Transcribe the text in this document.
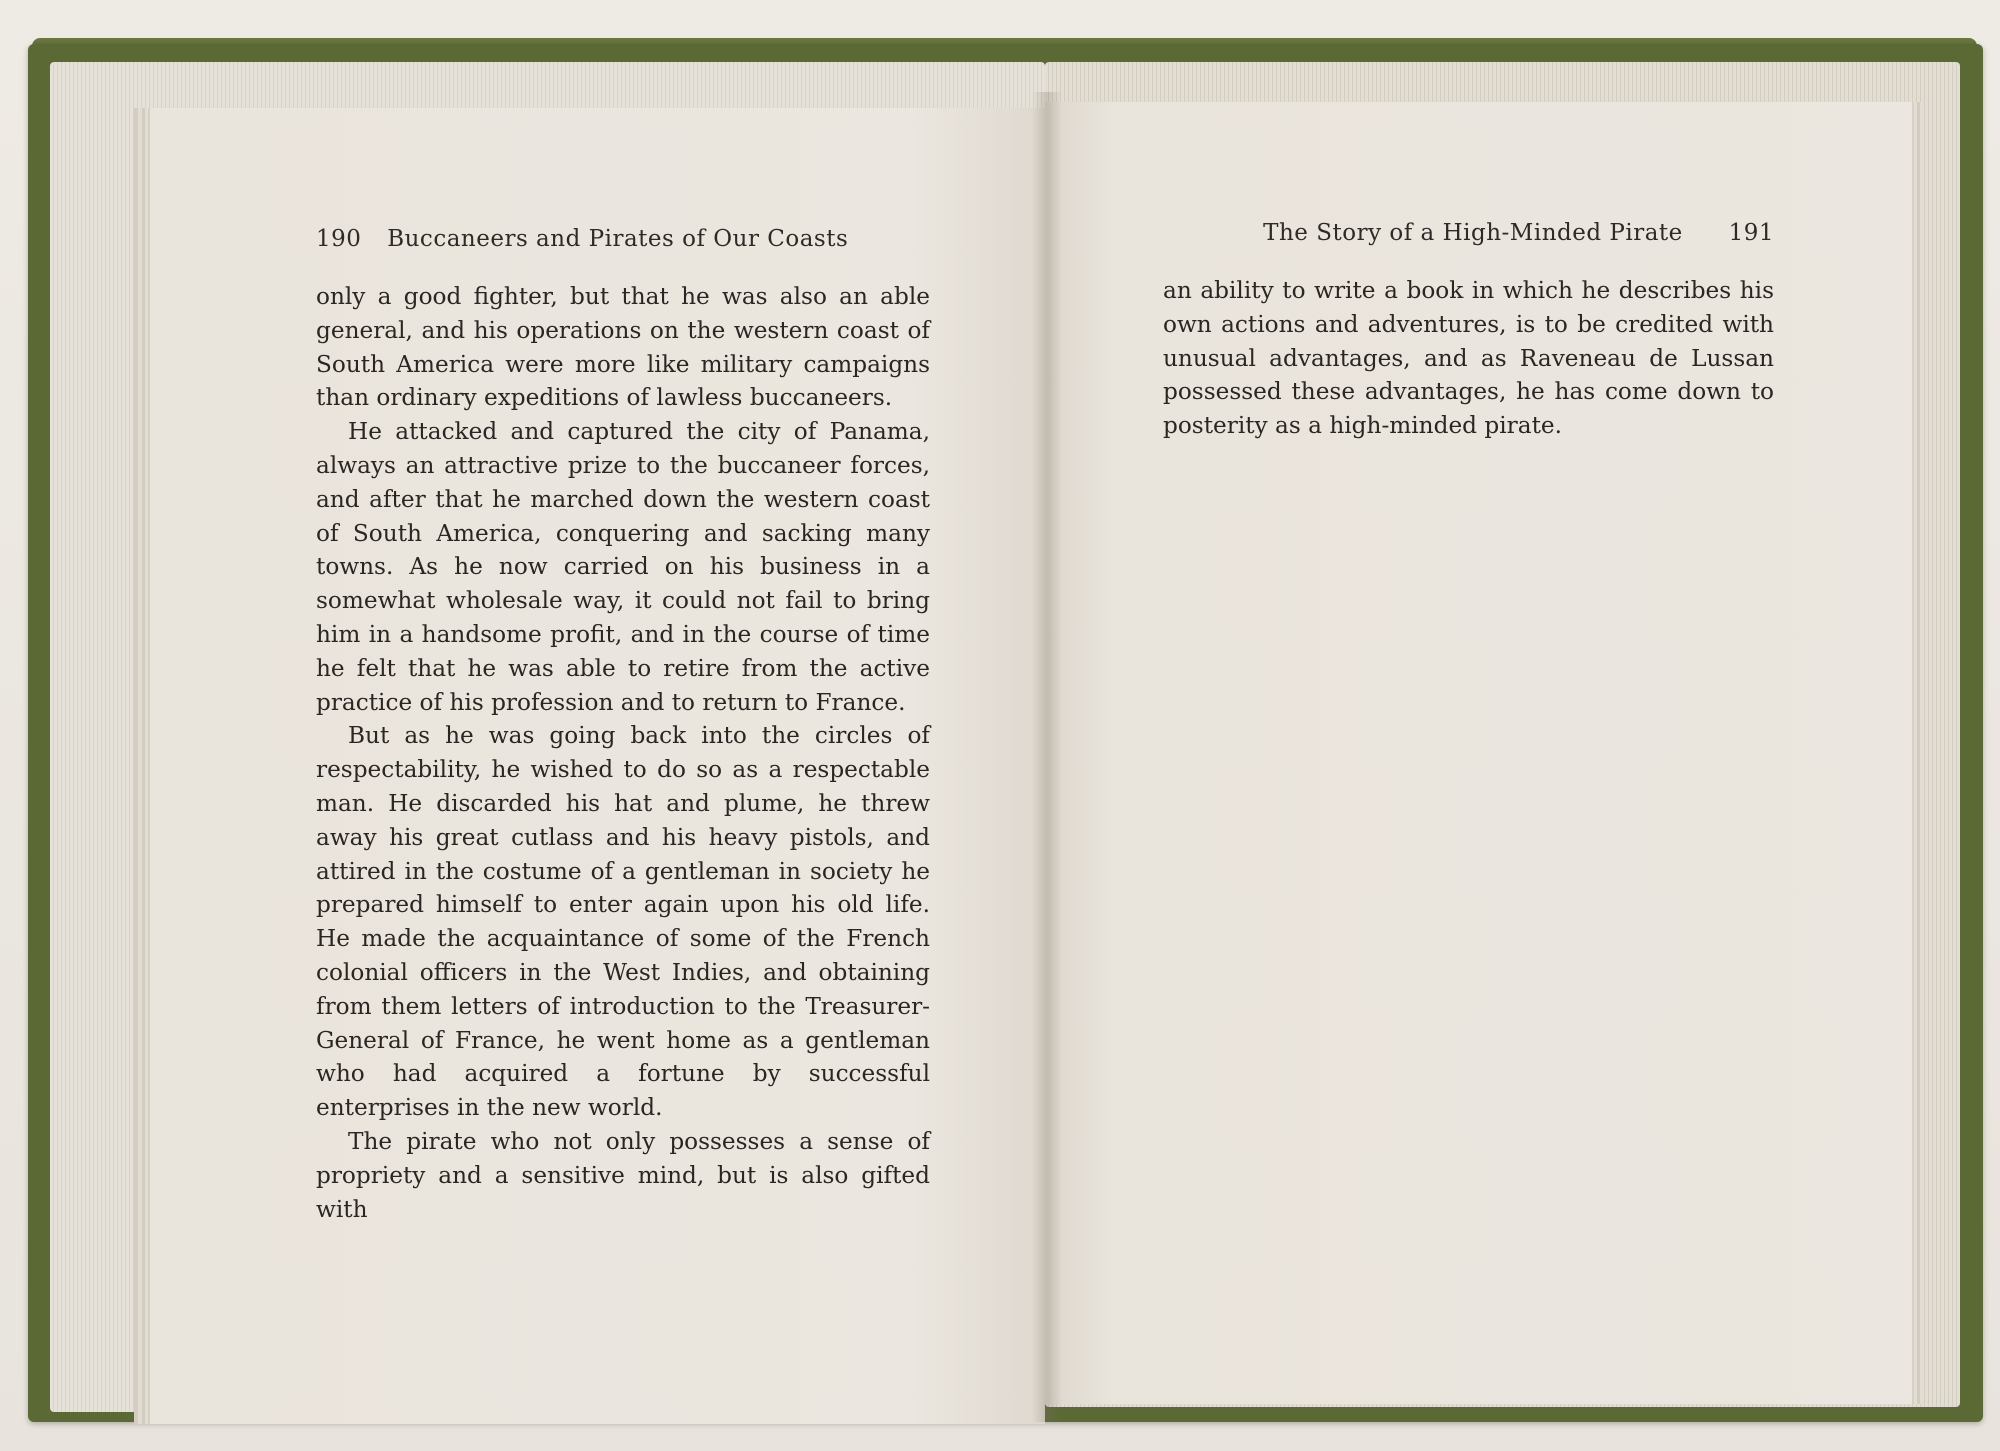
190 Buccaneers and Pirates of Our Coasts	The Story of a High-Minded Pirate 191

only a good fighter, but that he was also an able general, and his operations on the western coast of South America were more like military campaigns than ordinary expeditions of lawless buccaneers.

He attacked and captured the city of Panama, always an attractive prize to the buccaneer forces, and after that he marched down the western coast of South America, conquering and sacking many towns. As he now carried on his business in a somewhat wholesale way, it could not fail to bring him in a handsome profit, and in the course of time he felt that he was able to retire from the active practice of his profession and to return to France.

But as he was going back into the circles of respectability, he wished to do so as a respectable man. He discarded his hat and plume, he threw away his great cutlass and his heavy pistols, and attired in the costume of a gentleman in society he prepared himself to enter again upon his old life. He made the acquaintance of some of the French colonial officers in the West Indies, and obtaining from them letters of introduction to the Treasurer-General of France, he went home as a gentleman who had acquired a fortune by successful enterprises in the new world.

The pirate who not only possesses a sense of propriety and a sensitive mind, but is also gifted with

an ability to write a book in which he describes his own actions and adventures, is to be credited with unusual advantages, and as Raveneau de Lussan possessed these advantages, he has come down to posterity as a high-minded pirate.
